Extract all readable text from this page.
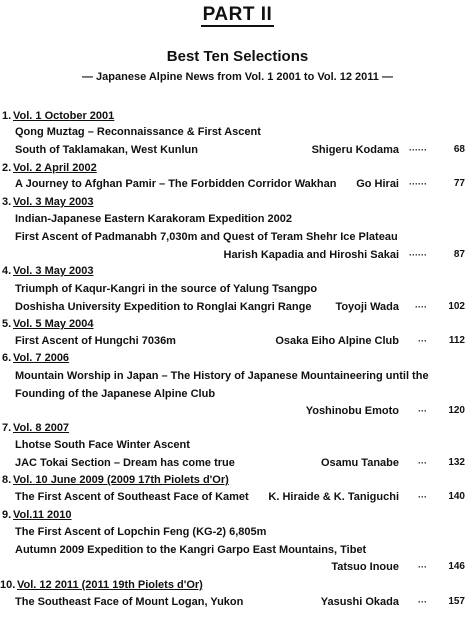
PART II
Best Ten Selections
— Japanese Alpine News from Vol. 1 2001 to Vol. 12 2011 —
1. Vol. 1 October 2001
Qong Muztag – Reconnaissance & First Ascent
South of Taklamakan, West Kunlun	Shigeru Kodama ······	68
2. Vol. 2 April 2002
A Journey to Afghan Pamir – The Forbidden Corridor Wakhan Go Hirai ······	77
3. Vol. 3 May 2003
Indian-Japanese Eastern Karakoram Expedition 2002
First Ascent of Padmanabh 7,030m and Quest of Teram Shehr Ice Plateau
Harish Kapadia and Hiroshi Sakai ······	87
4. Vol. 3 May 2003
Triumph of Kaqur-Kangri in the source of Yalung Tsangpo
Doshisha University Expedition to Ronglai Kangri Range Toyoji Wada ····	102
5. Vol. 5 May 2004
First Ascent of Hungchi 7036m	Osaka Eiho Alpine Club ···	112
6. Vol. 7 2006
Mountain Worship in Japan – The History of Japanese Mountaineering until the
Founding of the Japanese Alpine Club
Yoshinobu Emoto ···	120
7. Vol. 8 2007
Lhotse South Face Winter Ascent
JAC Tokai Section – Dream has come true	Osamu Tanabe ···	132
8. Vol. 10 June 2009 (2009 17th Piolets d'Or)
The First Ascent of Southeast Face of Kamet K. Hiraide & K. Taniguchi ···	140
9. Vol.11 2010
The First Ascent of Lopchin Feng (KG-2) 6,805m
Autumn 2009 Expedition to the Kangri Garpo East Mountains, Tibet
Tatsuo Inoue ···	146
10. Vol. 12 2011 (2011 19th Piolets d'Or)
The Southeast Face of Mount Logan, Yukon	Yasushi Okada ···	157
